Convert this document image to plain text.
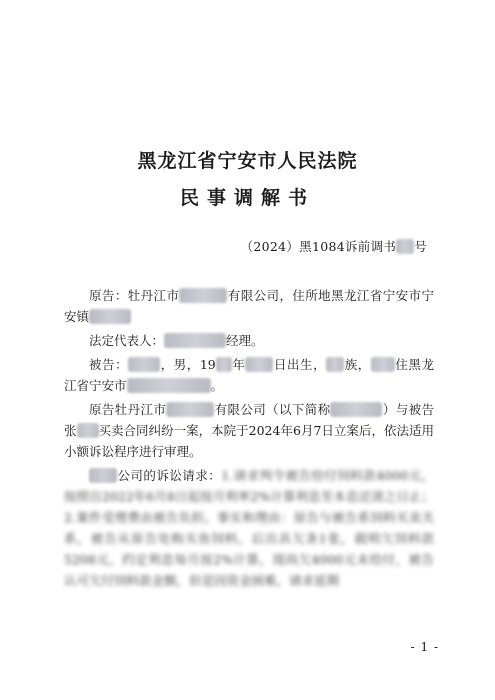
黑龙江省宁安市人民法院
民事调解书
（2024）黑1084诉前调书 号

原告：牡丹江市	有限公司，住所地黑龙江省宁安市宁安镇

法定代表人：	经理。

被告：	，男，19 年 日出生， 族， 住黑龙江省宁安市	。

原告牡丹江市	有限公司（以下简称	）与被告张 买卖合同纠纷一案，本院于2024年6月7日立案后，依法适用小额诉讼程序进行审理。

公司的诉讼请求：1.请求判令被告给付饲料款4000元，按照自2022年6月8日起按月利率2%计算利息至本息还清之日止；2.案件受理费由被告负担。事实和理由：原告与被告系饲料买卖关系，被告从原告处购买鱼饲料，后出具欠条1张，载明欠饲料款5208元，约定利息每月按2%计算，现尚欠4000元未给付，被告认可欠付饲料款金额，但是因资金困难，请求延期

- 1 -
